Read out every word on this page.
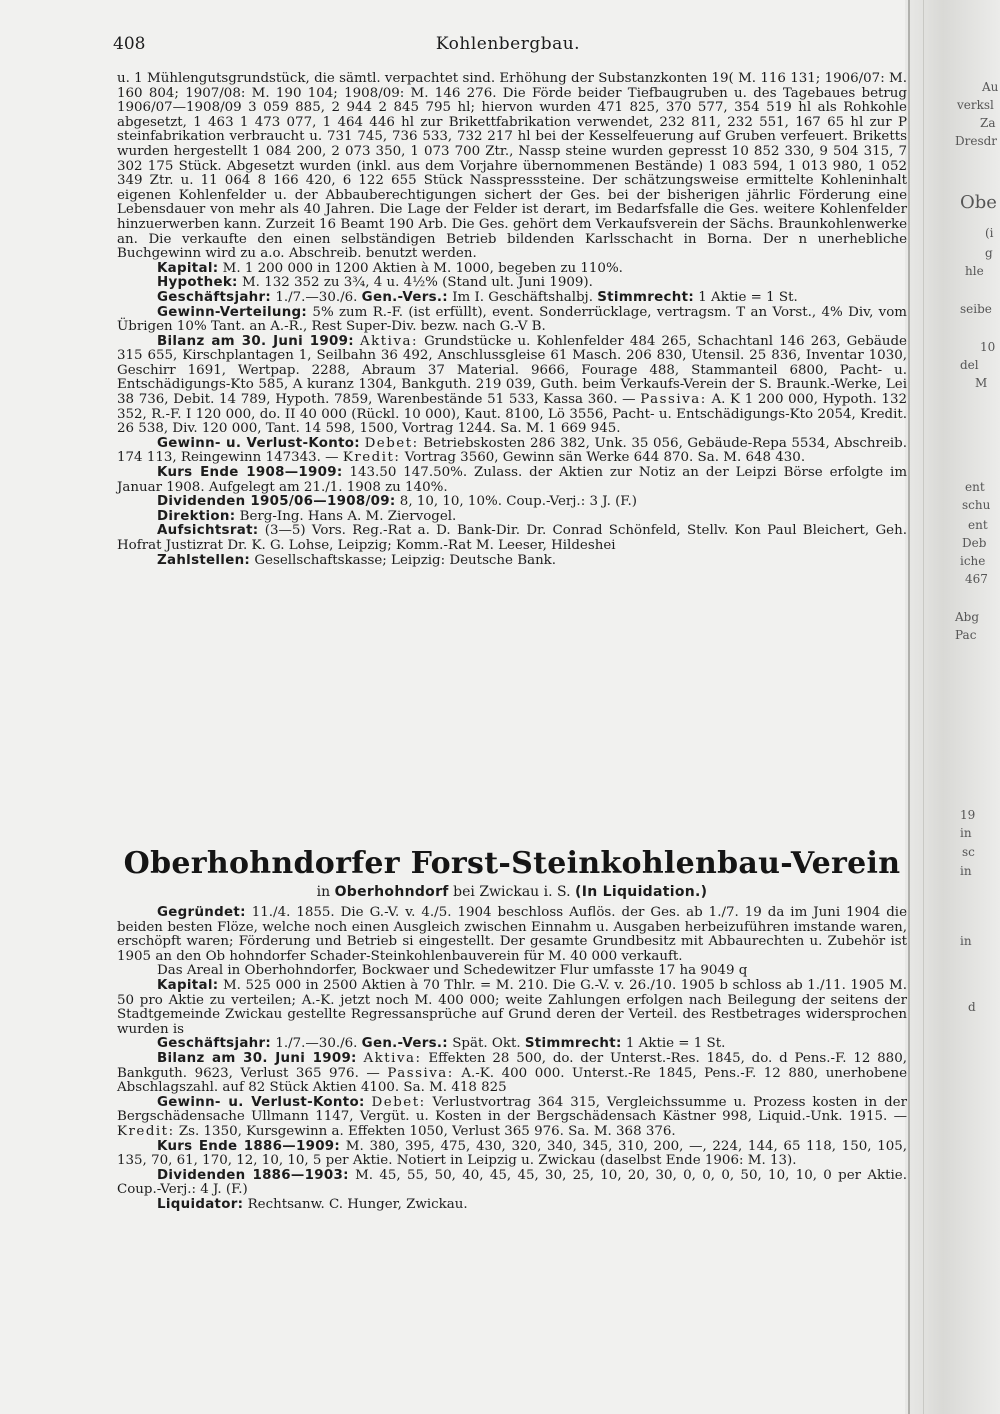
Au
verksl
Za
Dresdr
Obe
(i
g
hle
seibe
10
del
M
ent
schu
ent
Deb
iche
467
Abg
Pac
19
in
sc
in
in
d
408	Kohlenbergbau.

u. 1 Mühlengutsgrundstück, die sämtl. verpachtet sind. Erhöhung der Substanzkonten 19( M. 116 131; 1906/07: M. 160 804; 1907/08: M. 190 104; 1908/09: M. 146 276. Die Förde beider Tiefbaugruben u. des Tagebaues betrug 1906/07—1908/09 3 059 885, 2 944 2 845 795 hl; hiervon wurden 471 825, 370 577, 354 519 hl als Rohkohle abgesetzt, 1 463 1 473 077, 1 464 446 hl zur Brikettfabrikation verwendet, 232 811, 232 551, 167 65 hl zur P steinfabrikation verbraucht u. 731 745, 736 533, 732 217 hl bei der Kesselfeuerung auf Gruben verfeuert. Briketts wurden hergestellt 1 084 200, 2 073 350, 1 073 700 Ztr., Nassp steine wurden gepresst 10 852 330, 9 504 315, 7 302 175 Stück. Abgesetzt wurden (inkl. aus dem Vorjahre übernommenen Bestände) 1 083 594, 1 013 980, 1 052 349 Ztr. u. 11 064 8 166 420, 6 122 655 Stück Nasspresssteine. Der schätzungsweise ermittelte Kohleninhalt eigenen Kohlenfelder u. der Abbauberechtigungen sichert der Ges. bei der bisherigen jährlic Förderung eine Lebensdauer von mehr als 40 Jahren. Die Lage der Felder ist derart, im Bedarfsfalle die Ges. weitere Kohlenfelder hinzuerwerben kann. Zurzeit 16 Beamt 190 Arb. Die Ges. gehört dem Verkaufsverein der Sächs. Braunkohlenwerke an. Die verkaufte den einen selbständigen Betrieb bildenden Karlsschacht in Borna. Der n unerhebliche Buchgewinn wird zu a.o. Abschreib. benutzt werden.

Kapital: M. 1 200 000 in 1200 Aktien à M. 1000, begeben zu 110%.

Hypothek: M. 132 352 zu 3¾, 4 u. 4½% (Stand ult. Juni 1909).

Geschäftsjahr: 1./7.—30./6. Gen.-Vers.: Im I. Geschäftshalbj. Stimmrecht: 1 Aktie = 1 St.

Gewinn-Verteilung: 5% zum R.-F. (ist erfüllt), event. Sonderrücklage, vertragsm. T an Vorst., 4% Div, vom Übrigen 10% Tant. an A.-R., Rest Super-Div. bezw. nach G.-V B.

Bilanz am 30. Juni 1909: Aktiva: Grundstücke u. Kohlenfelder 484 265, Schachtanl 146 263, Gebäude 315 655, Kirschplantagen 1, Seilbahn 36 492, Anschlussgleise 61 Masch. 206 830, Utensil. 25 836, Inventar 1030, Geschirr 1691, Wertpap. 2288, Abraum 37 Material. 9666, Fourage 488, Stammanteil 6800, Pacht- u. Entschädigungs-Kto 585, A kuranz 1304, Bankguth. 219 039, Guth. beim Verkaufs-Verein der S. Braunk.-Werke, Lei 38 736, Debit. 14 789, Hypoth. 7859, Warenbestände 51 533, Kassa 360. — Passiva: A. K 1 200 000, Hypoth. 132 352, R.-F. I 120 000, do. II 40 000 (Rückl. 10 000), Kaut. 8100, Lö 3556, Pacht- u. Entschädigungs-Kto 2054, Kredit. 26 538, Div. 120 000, Tant. 14 598, 1500, Vortrag 1244. Sa. M. 1 669 945.

Gewinn- u. Verlust-Konto: Debet: Betriebskosten 286 382, Unk. 35 056, Gebäude-Repa 5534, Abschreib. 174 113, Reingewinn 147343. — Kredit: Vortrag 3560, Gewinn sän Werke 644 870. Sa. M. 648 430.

Kurs Ende 1908—1909: 143.50 147.50%. Zulass. der Aktien zur Notiz an der Leipzi Börse erfolgte im Januar 1908. Aufgelegt am 21./1. 1908 zu 140%.

Dividenden 1905/06—1908/09: 8, 10, 10, 10%. Coup.-Verj.: 3 J. (F.)

Direktion: Berg-Ing. Hans A. M. Ziervogel.

Aufsichtsrat: (3—5) Vors. Reg.-Rat a. D. Bank-Dir. Dr. Conrad Schönfeld, Stellv. Kon Paul Bleichert, Geh. Hofrat Justizrat Dr. K. G. Lohse, Leipzig; Komm.-Rat M. Leeser, Hildeshei

Zahlstellen: Gesellschaftskasse; Leipzig: Deutsche Bank.

Oberhohndorfer Forst-Steinkohlenbau-Verein
in Oberhohndorf bei Zwickau i. S. (In Liquidation.)

Gegründet: 11./4. 1855. Die G.-V. v. 4./5. 1904 beschloss Auflös. der Ges. ab 1./7. 19 da im Juni 1904 die beiden besten Flöze, welche noch einen Ausgleich zwischen Einnahm u. Ausgaben herbeizuführen imstande waren, erschöpft waren; Förderung und Betrieb si eingestellt. Der gesamte Grundbesitz mit Abbaurechten u. Zubehör ist 1905 an den Ob hohndorfer Schader-Steinkohlenbauverein für M. 40 000 verkauft.

Das Areal in Oberhohndorfer, Bockwaer und Schedewitzer Flur umfasste 17 ha 9049 q

Kapital: M. 525 000 in 2500 Aktien à 70 Thlr. = M. 210. Die G.-V. v. 26./10. 1905 b schloss ab 1./11. 1905 M. 50 pro Aktie zu verteilen; A.-K. jetzt noch M. 400 000; weite Zahlungen erfolgen nach Beilegung der seitens der Stadtgemeinde Zwickau gestellte Regressansprüche auf Grund deren der Verteil. des Restbetrages widersprochen wurden is

Geschäftsjahr: 1./7.—30./6. Gen.-Vers.: Spät. Okt. Stimmrecht: 1 Aktie = 1 St.

Bilanz am 30. Juni 1909: Aktiva: Effekten 28 500, do. der Unterst.-Res. 1845, do. d Pens.-F. 12 880, Bankguth. 9623, Verlust 365 976. — Passiva: A.-K. 400 000. Unterst.-Re 1845, Pens.-F. 12 880, unerhobene Abschlagszahl. auf 82 Stück Aktien 4100. Sa. M. 418 825

Gewinn- u. Verlust-Konto: Debet: Verlustvortrag 364 315, Vergleichssumme u. Prozess kosten in der Bergschädensache Ullmann 1147, Vergüt. u. Kosten in der Bergschädensach Kästner 998, Liquid.-Unk. 1915. — Kredit: Zs. 1350, Kursgewinn a. Effekten 1050, Verlust 365 976. Sa. M. 368 376.

Kurs Ende 1886—1909: M. 380, 395, 475, 430, 320, 340, 345, 310, 200, —, 224, 144, 65 118, 150, 105, 135, 70, 61, 170, 12, 10, 10, 5 per Aktie. Notiert in Leipzig u. Zwickau (daselbst Ende 1906: M. 13).

Dividenden 1886—1903: M. 45, 55, 50, 40, 45, 45, 30, 25, 10, 20, 30, 0, 0, 0, 50, 10, 10, 0 per Aktie. Coup.-Verj.: 4 J. (F.)

Liquidator: Rechtsanw. C. Hunger, Zwickau.
